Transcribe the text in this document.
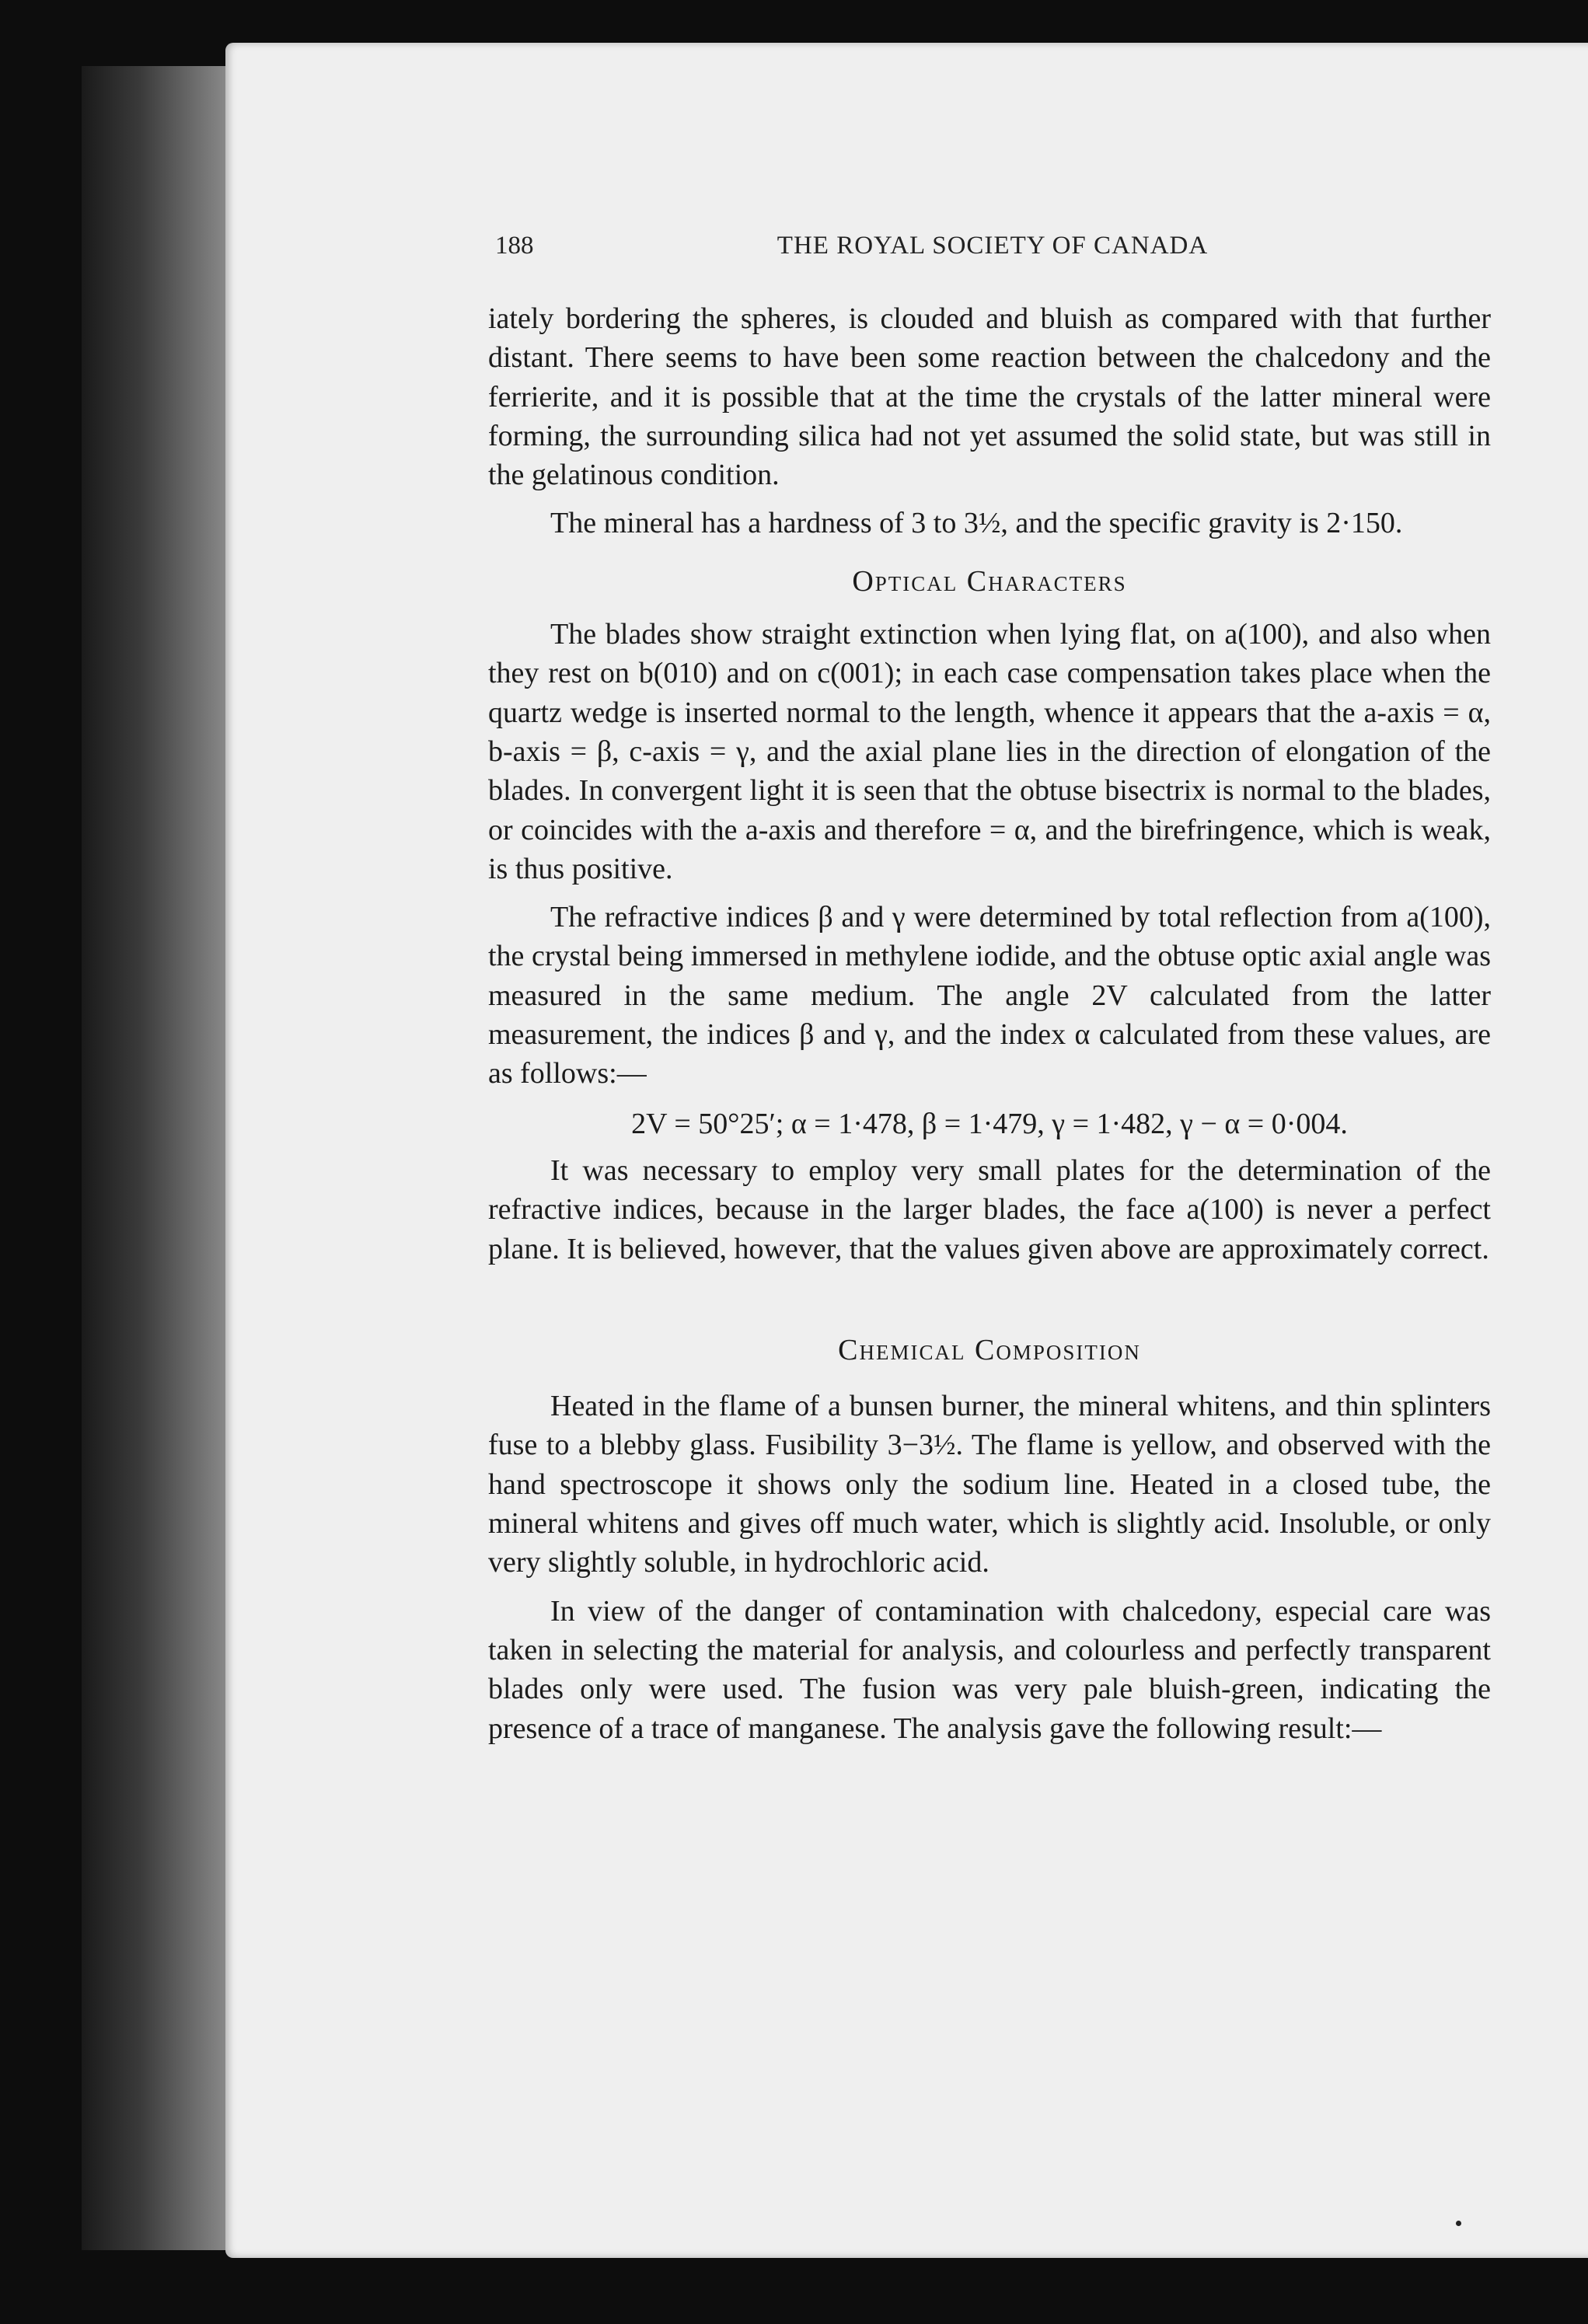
188	THE ROYAL SOCIETY OF CANADA

iately bordering the spheres, is clouded and bluish as compared with that further distant. There seems to have been some reaction between the chalcedony and the ferrierite, and it is possible that at the time the crystals of the latter mineral were forming, the surrounding silica had not yet assumed the solid state, but was still in the gelatinous condition.

The mineral has a hardness of 3 to 3½, and the specific gravity is 2·150.

Optical Characters

The blades show straight extinction when lying flat, on a(100), and also when they rest on b(010) and on c(001); in each case compensation takes place when the quartz wedge is inserted normal to the length, whence it appears that the a-axis = α, b-axis = β, c-axis = γ, and the axial plane lies in the direction of elongation of the blades. In convergent light it is seen that the obtuse bisectrix is normal to the blades, or coincides with the a-axis and therefore = α, and the birefringence, which is weak, is thus positive.

The refractive indices β and γ were determined by total reflection from a(100), the crystal being immersed in methylene iodide, and the obtuse optic axial angle was measured in the same medium. The angle 2V calculated from the latter measurement, the indices β and γ, and the index α calculated from these values, are as follows:—

2V = 50°25′; α = 1·478, β = 1·479, γ = 1·482, γ − α = 0·004.

It was necessary to employ very small plates for the determination of the refractive indices, because in the larger blades, the face a(100) is never a perfect plane. It is believed, however, that the values given above are approximately correct.

Chemical Composition

Heated in the flame of a bunsen burner, the mineral whitens, and thin splinters fuse to a blebby glass. Fusibility 3−3½. The flame is yellow, and observed with the hand spectroscope it shows only the sodium line. Heated in a closed tube, the mineral whitens and gives off much water, which is slightly acid. Insoluble, or only very slightly soluble, in hydrochloric acid.

In view of the danger of contamination with chalcedony, especial care was taken in selecting the material for analysis, and colourless and perfectly transparent blades only were used. The fusion was very pale bluish-green, indicating the presence of a trace of manganese. The analysis gave the following result:—
